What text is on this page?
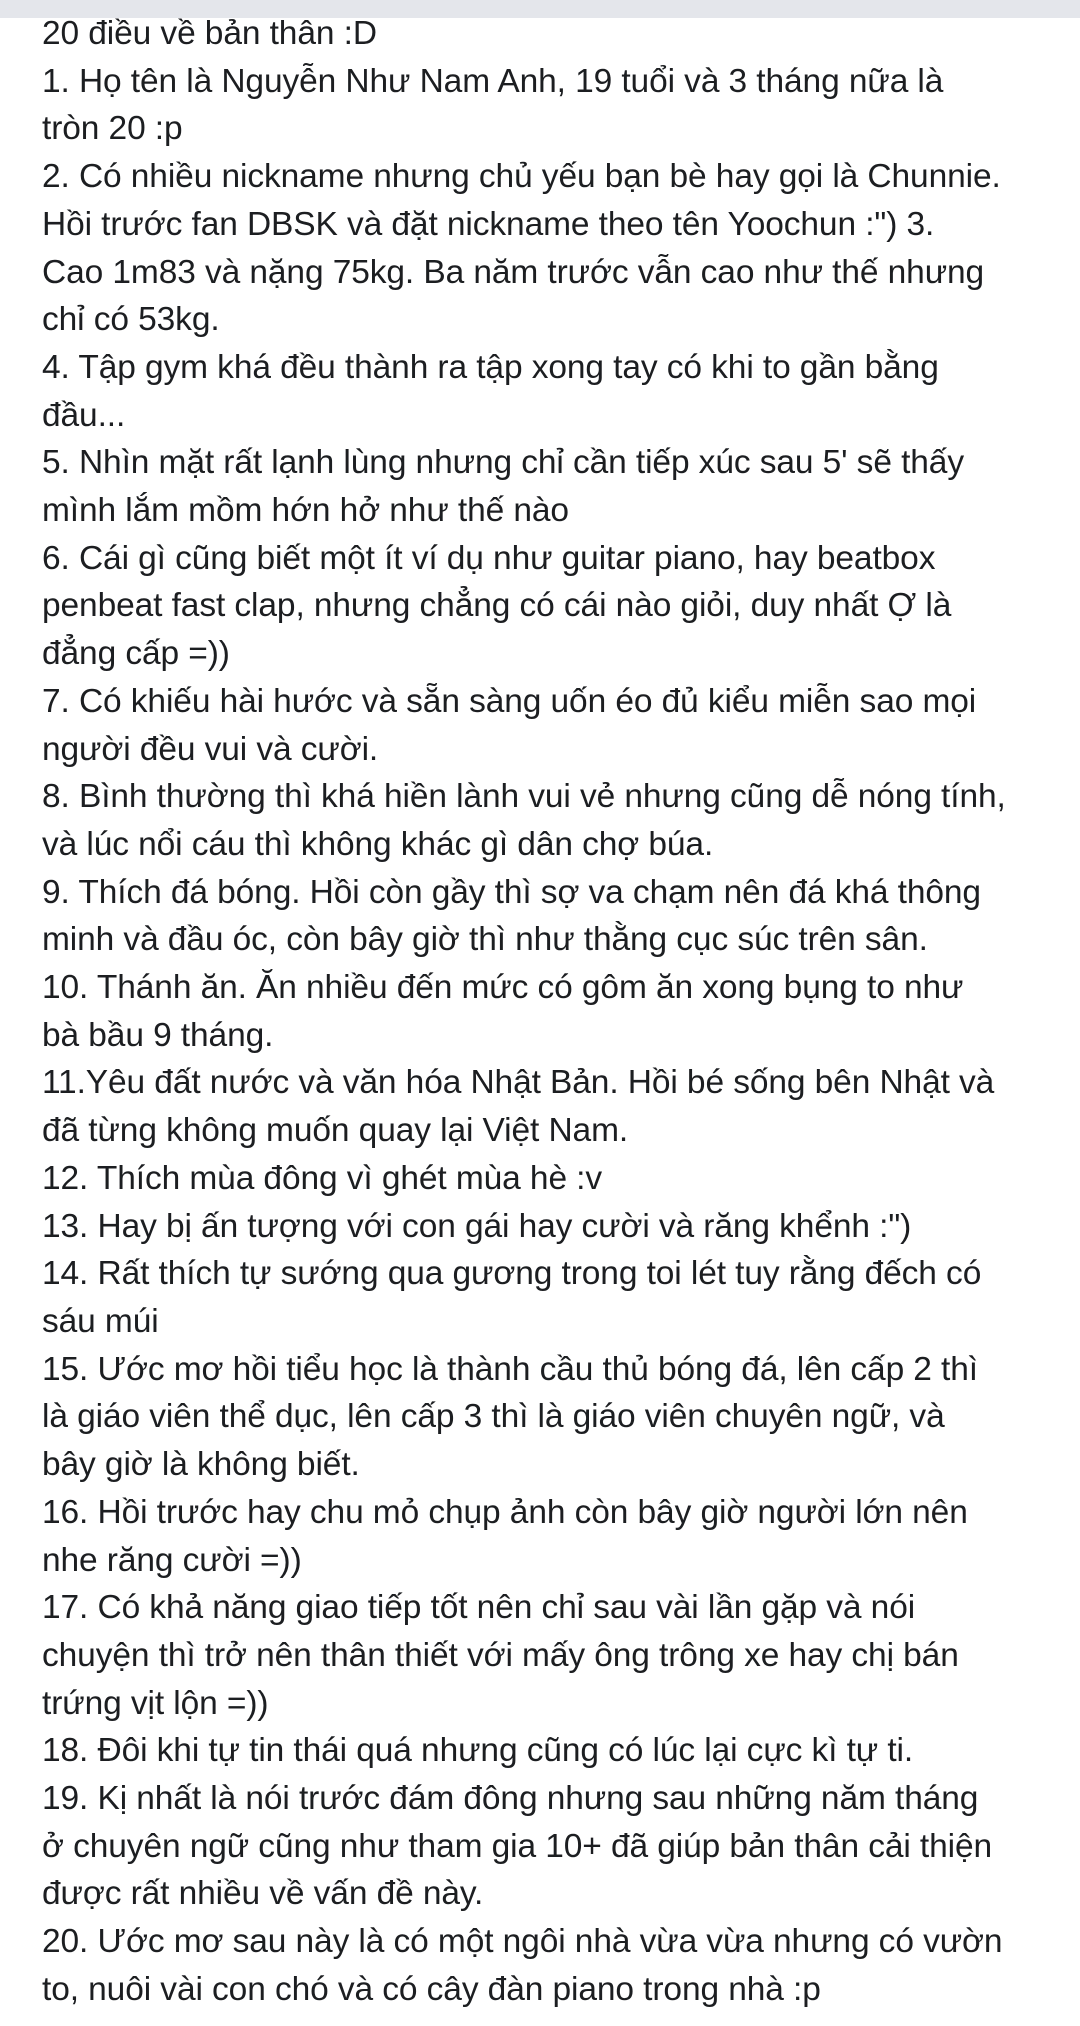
20 điều về bản thân :D
1. Họ tên là Nguyễn Như Nam Anh, 19 tuổi và 3 tháng nữa là
tròn 20 :p
2. Có nhiều nickname nhưng chủ yếu bạn bè hay gọi là Chunnie.
Hồi trước fan DBSK và đặt nickname theo tên Yoochun :") 3.
Cao 1m83 và nặng 75kg. Ba năm trước vẫn cao như thế nhưng
chỉ có 53kg.
4. Tập gym khá đều thành ra tập xong tay có khi to gần bằng
đầu...
5. Nhìn mặt rất lạnh lùng nhưng chỉ cần tiếp xúc sau 5' sẽ thấy
mình lắm mồm hớn hở như thế nào
6. Cái gì cũng biết một ít ví dụ như guitar piano, hay beatbox
penbeat fast clap, nhưng chẳng có cái nào giỏi, duy nhất Ợ là
đẳng cấp =))
7. Có khiếu hài hước và sẵn sàng uốn éo đủ kiểu miễn sao mọi
người đều vui và cười.
8. Bình thường thì khá hiền lành vui vẻ nhưng cũng dễ nóng tính,
và lúc nổi cáu thì không khác gì dân chợ búa.
9. Thích đá bóng. Hồi còn gầy thì sợ va chạm nên đá khá thông
minh và đầu óc, còn bây giờ thì như thằng cục súc trên sân.
10. Thánh ăn. Ăn nhiều đến mức có gôm ăn xong bụng to như
bà bầu 9 tháng.
11.Yêu đất nước và văn hóa Nhật Bản. Hồi bé sống bên Nhật và
đã từng không muốn quay lại Việt Nam.
12. Thích mùa đông vì ghét mùa hè :v
13. Hay bị ấn tượng với con gái hay cười và răng khểnh :")
14. Rất thích tự sướng qua gương trong toi lét tuy rằng đếch có
sáu múi
15. Ước mơ hồi tiểu học là thành cầu thủ bóng đá, lên cấp 2 thì
là giáo viên thể dục, lên cấp 3 thì là giáo viên chuyên ngữ, và
bây giờ là không biết.
16. Hồi trước hay chu mỏ chụp ảnh còn bây giờ người lớn nên
nhe răng cười =))
17. Có khả năng giao tiếp tốt nên chỉ sau vài lần gặp và nói
chuyện thì trở nên thân thiết với mấy ông trông xe hay chị bán
trứng vịt lộn =))
18. Đôi khi tự tin thái quá nhưng cũng có lúc lại cực kì tự ti.
19. Kị nhất là nói trước đám đông nhưng sau những năm tháng
ở chuyên ngữ cũng như tham gia 10+ đã giúp bản thân cải thiện
được rất nhiều về vấn đề này.
20. Ước mơ sau này là có một ngôi nhà vừa vừa nhưng có vườn
to, nuôi vài con chó và có cây đàn piano trong nhà :p
